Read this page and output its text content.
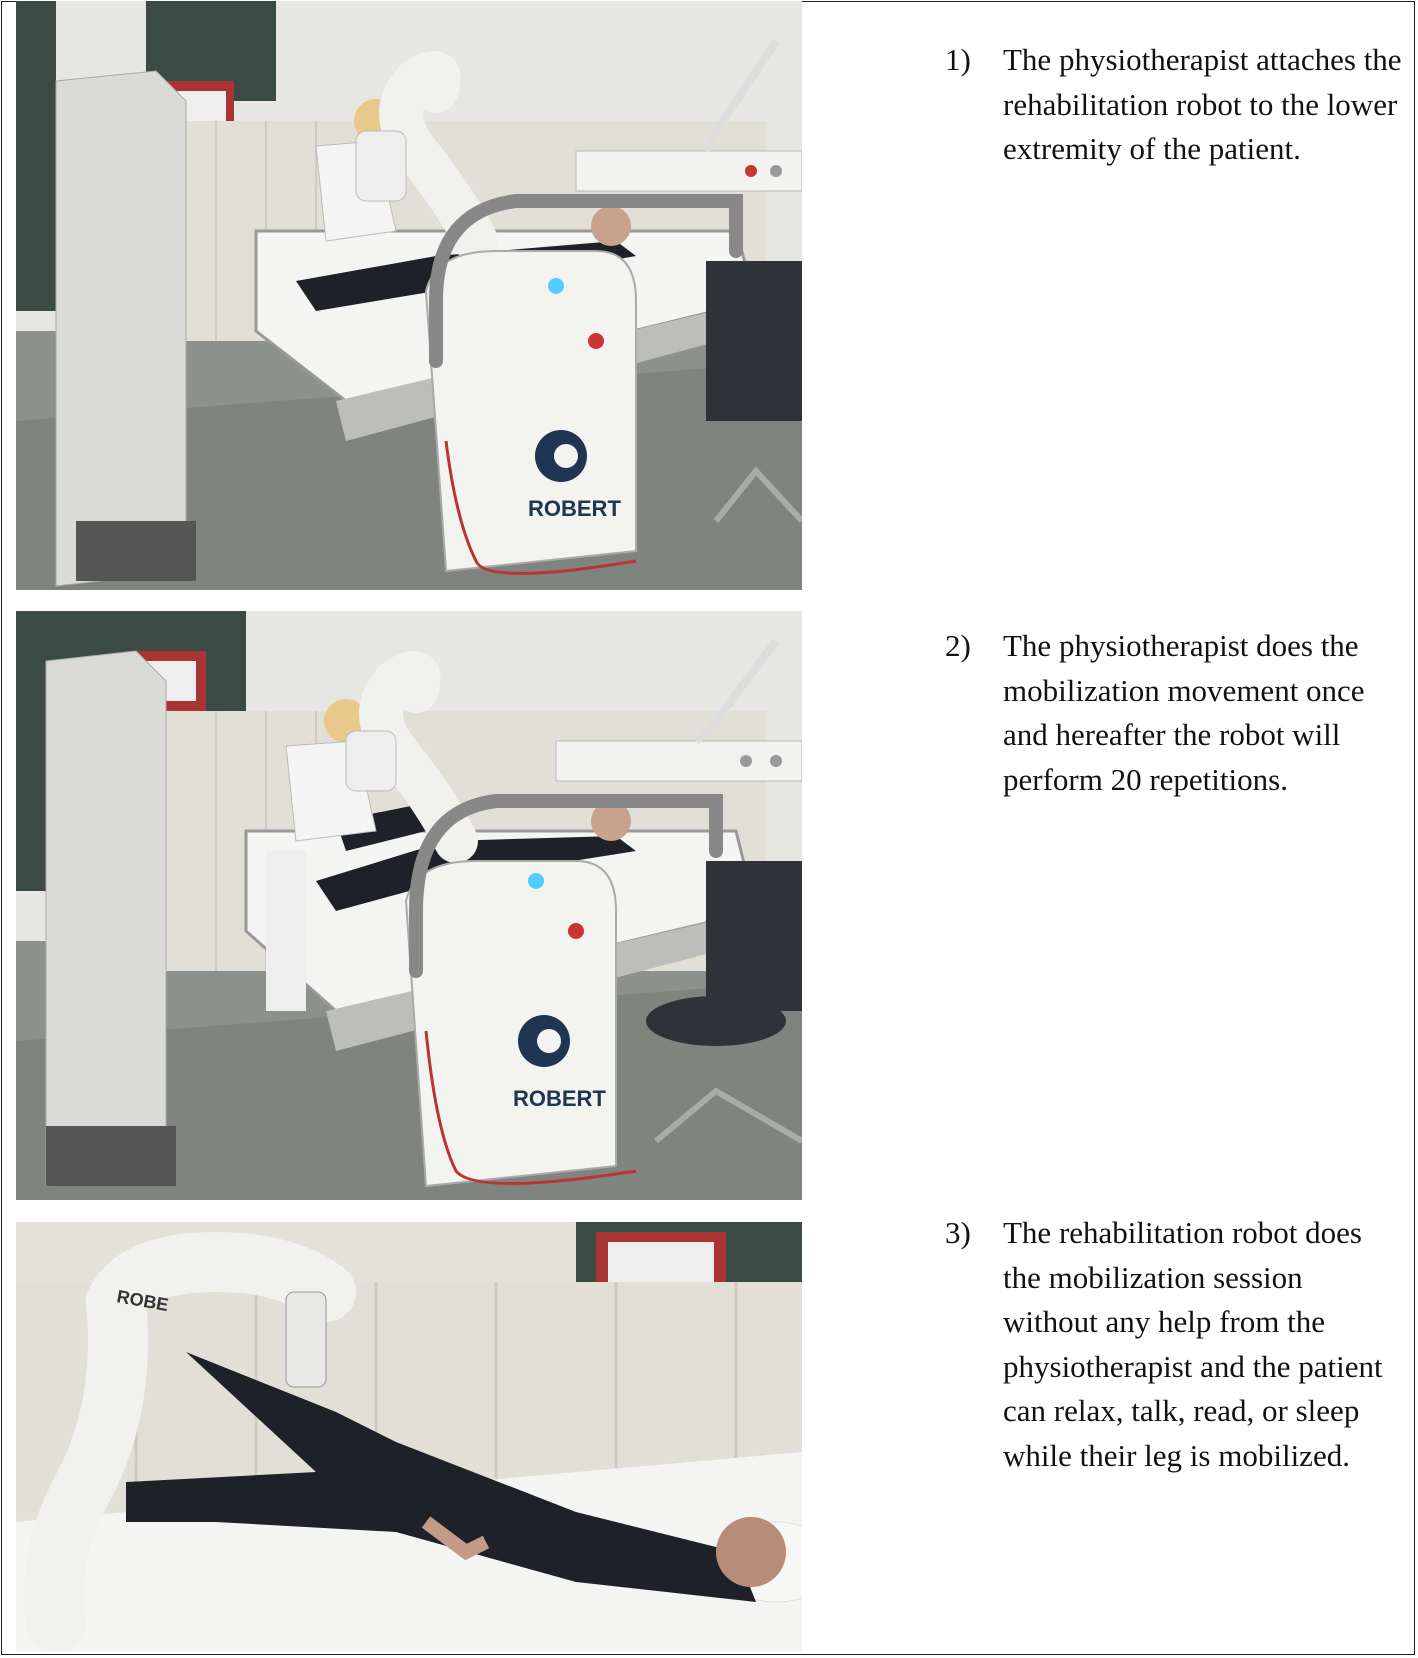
ROBERT
ROBERT
ROBE
1)	The physiotherapist attaches the rehabilitation robot to the lower extremity of the patient.
2)	The physiotherapist does the mobilization movement once and hereafter the robot will perform 20 repetitions.
3)	The rehabilitation robot does the mobilization session without any help from the physiotherapist and the patient can relax, talk, read, or sleep while their leg is mobilized.
